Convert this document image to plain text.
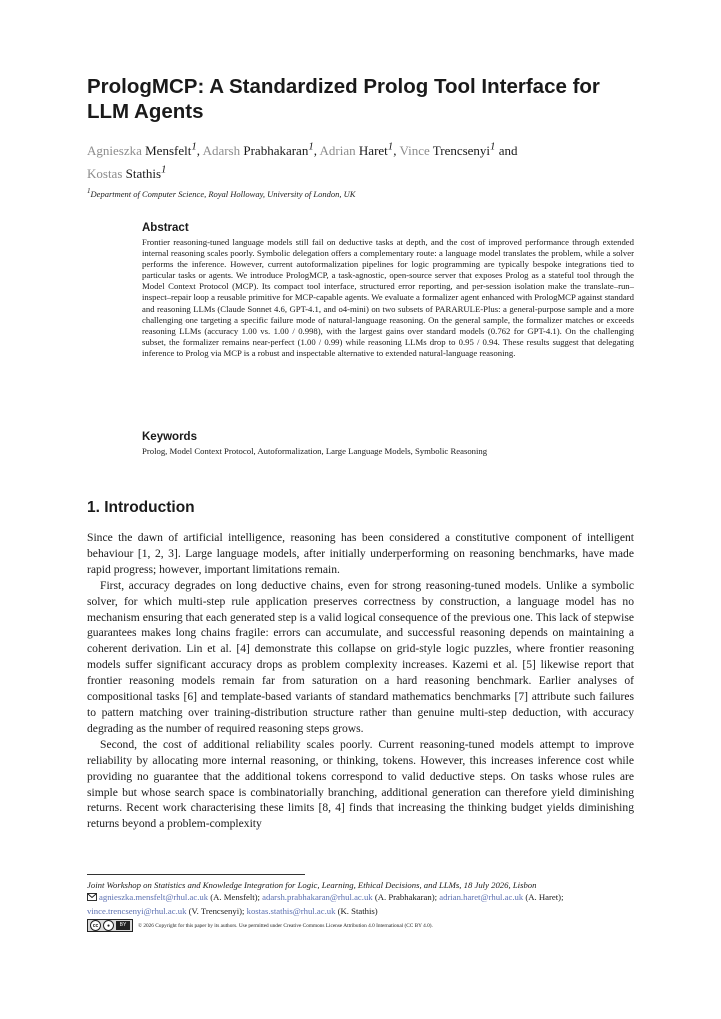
PrologMCP: A Standardized Prolog Tool Interface for LLM Agents
Agnieszka Mensfelt$^1$, Adarsh Prabhakaran$^1$, Adrian Haret$^1$, Vince Trencsenyi$^1$ and
Kostas Stathis$^1$
$^1$Department of Computer Science, Royal Holloway, University of London, UK
Abstract

Frontier reasoning-tuned language models still fail on deductive tasks at depth, and the cost of improved performance through extended internal reasoning scales poorly. Symbolic delegation offers a complementary route: a language model translates the problem, while a solver performs the inference. However, current autoformalization pipelines for logic programming are typically bespoke integrations tied to particular tasks or agents. We introduce PrologMCP, a task-agnostic, open-source server that exposes Prolog as a stateful tool through the Model Context Protocol (MCP). Its compact tool interface, structured error reporting, and per-session isolation make the translate–run–inspect–repair loop a reusable primitive for MCP-capable agents. We evaluate a formalizer agent enhanced with PrologMCP against standard and reasoning LLMs (Claude Sonnet 4.6, GPT-4.1, and o4-mini) on two subsets of PARARULE-Plus: a general-purpose sample and a more challenging one targeting a specific failure mode of natural-language reasoning. On the general sample, the formalizer matches or exceeds reasoning LLMs (accuracy 1.00 vs. 1.00 / 0.998), with the largest gains over standard models (0.762 for GPT-4.1). On the challenging subset, the formalizer remains near-perfect (1.00 / 0.99) while reasoning LLMs drop to 0.95 / 0.94. These results suggest that delegating inference to Prolog via MCP is a robust and inspectable alternative to extended natural-language reasoning.

Keywords

Prolog, Model Context Protocol, Autoformalization, Large Language Models, Symbolic Reasoning

1. Introduction

Since the dawn of artificial intelligence, reasoning has been considered a constitutive component of intelligent behaviour [1, 2, 3]. Large language models, after initially underperforming on reasoning benchmarks, have made rapid progress; however, important limitations remain.

First, accuracy degrades on long deductive chains, even for strong reasoning-tuned models. Unlike a symbolic solver, for which multi-step rule application preserves correctness by construction, a language model has no mechanism ensuring that each generated step is a valid logical consequence of the previous one. This lack of stepwise guarantees makes long chains fragile: errors can accumulate, and successful reasoning depends on maintaining a coherent derivation. Lin et al. [4] demonstrate this collapse on grid-style logic puzzles, where frontier reasoning models suffer significant accuracy drops as problem complexity increases. Kazemi et al. [5] likewise report that frontier reasoning models remain far from saturation on a hard reasoning benchmark. Earlier analyses of compositional tasks [6] and template-based variants of standard mathematics benchmarks [7] attribute such failures to pattern matching over training-distribution structure rather than genuine multi-step deduction, with accuracy degrading as the number of required reasoning steps grows.

Second, the cost of additional reliability scales poorly. Current reasoning-tuned models attempt to improve reliability by allocating more internal reasoning, or thinking, tokens. However, this increases inference cost while providing no guarantee that the additional tokens correspond to valid deductive steps. On tasks whose rules are simple but whose search space is combinatorially branching, additional generation can therefore yield diminishing returns. Recent work characterising these limits [8, 4] finds that increasing the thinking budget yields diminishing returns beyond a problem-complexity

Joint Workshop on Statistics and Knowledge Integration for Logic, Learning, Ethical Decisions, and LLMs, 18 July 2026, Lisbon
agnieszka.mensfelt@rhul.ac.uk (A. Mensfelt); adarsh.prabhakaran@rhul.ac.uk (A. Prabhakaran); adrian.haret@rhul.ac.uk (A. Haret); vince.trencsenyi@rhul.ac.uk (V. Trencsenyi); kostas.stathis@rhul.ac.uk (K. Stathis)
cc	●	BY	© 2026 Copyright for this paper by its authors. Use permitted under Creative Commons License Attribution 4.0 International (CC BY 4.0).
